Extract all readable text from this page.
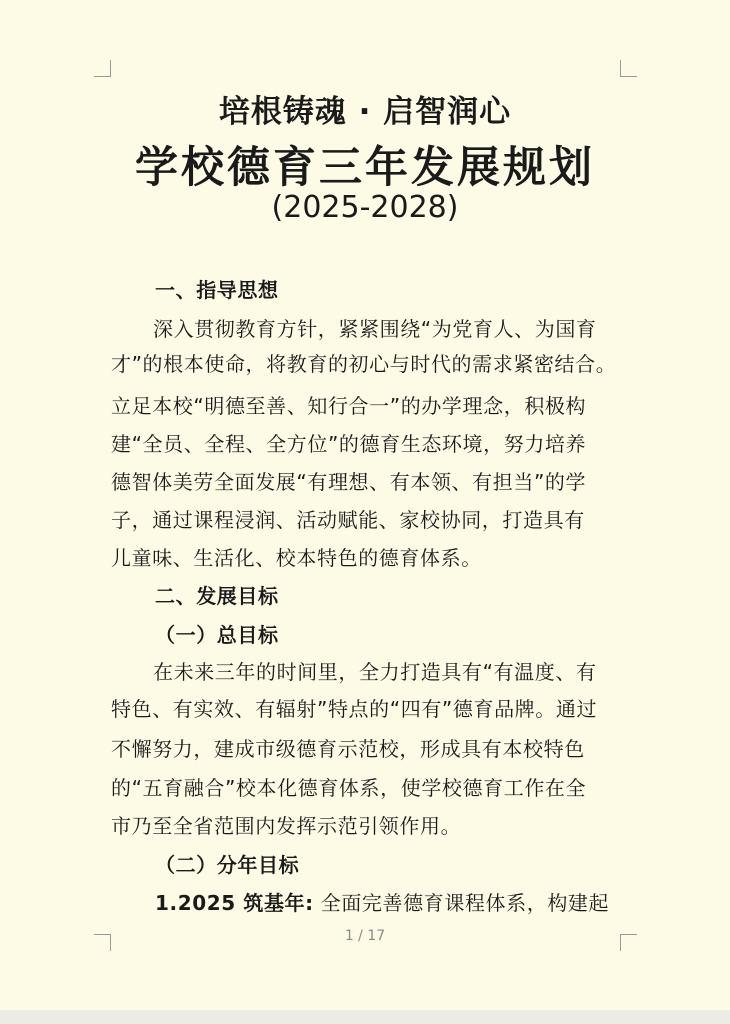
培根铸魂 · 启智润心
学校德育三年发展规划
(2025-2028)
一、指导思想
深入贯彻教育方针，紧紧围绕“为党育人、为国育
才”的根本使命，将教育的初心与时代的需求紧密结合。
立足本校“明德至善、知行合一”的办学理念，积极构
建“全员、全程、全方位”的德育生态环境，努力培养
德智体美劳全面发展“有理想、有本领、有担当”的学
子，通过课程浸润、活动赋能、家校协同，打造具有
儿童味、生活化、校本特色的德育体系。
二、发展目标
（一）总目标
在未来三年的时间里，全力打造具有“有温度、有
特色、有实效、有辐射”特点的“四有”德育品牌。通过
不懈努力，建成市级德育示范校，形成具有本校特色
的“五育融合”校本化德育体系，使学校德育工作在全
市乃至全省范围内发挥示范引领作用。
（二）分年目标
1.2025 筑基年: 全面完善德育课程体系，构建起
1 / 17
